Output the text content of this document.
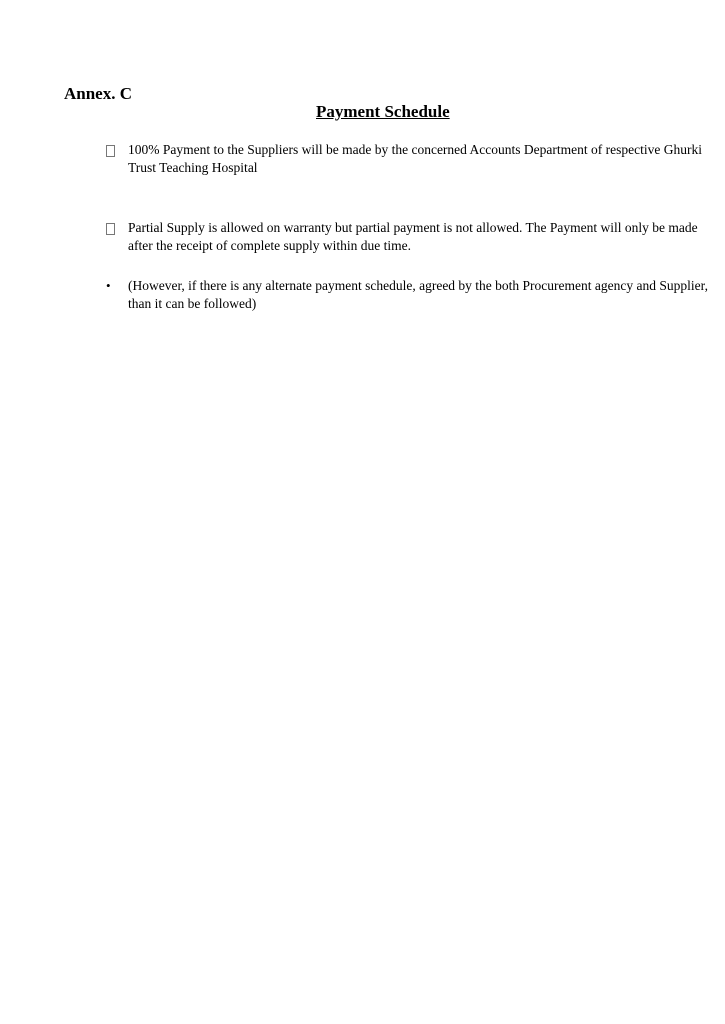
Annex. C
Payment Schedule
100% Payment to the Suppliers will be made by the concerned Accounts Department of respective Ghurki Trust Teaching Hospital
Partial Supply is allowed on warranty but partial payment is not allowed. The Payment will only be made after the receipt of complete supply within due time.
•	(However, if there is any alternate payment schedule, agreed by the both Procurement agency and Supplier, than it can be followed)
